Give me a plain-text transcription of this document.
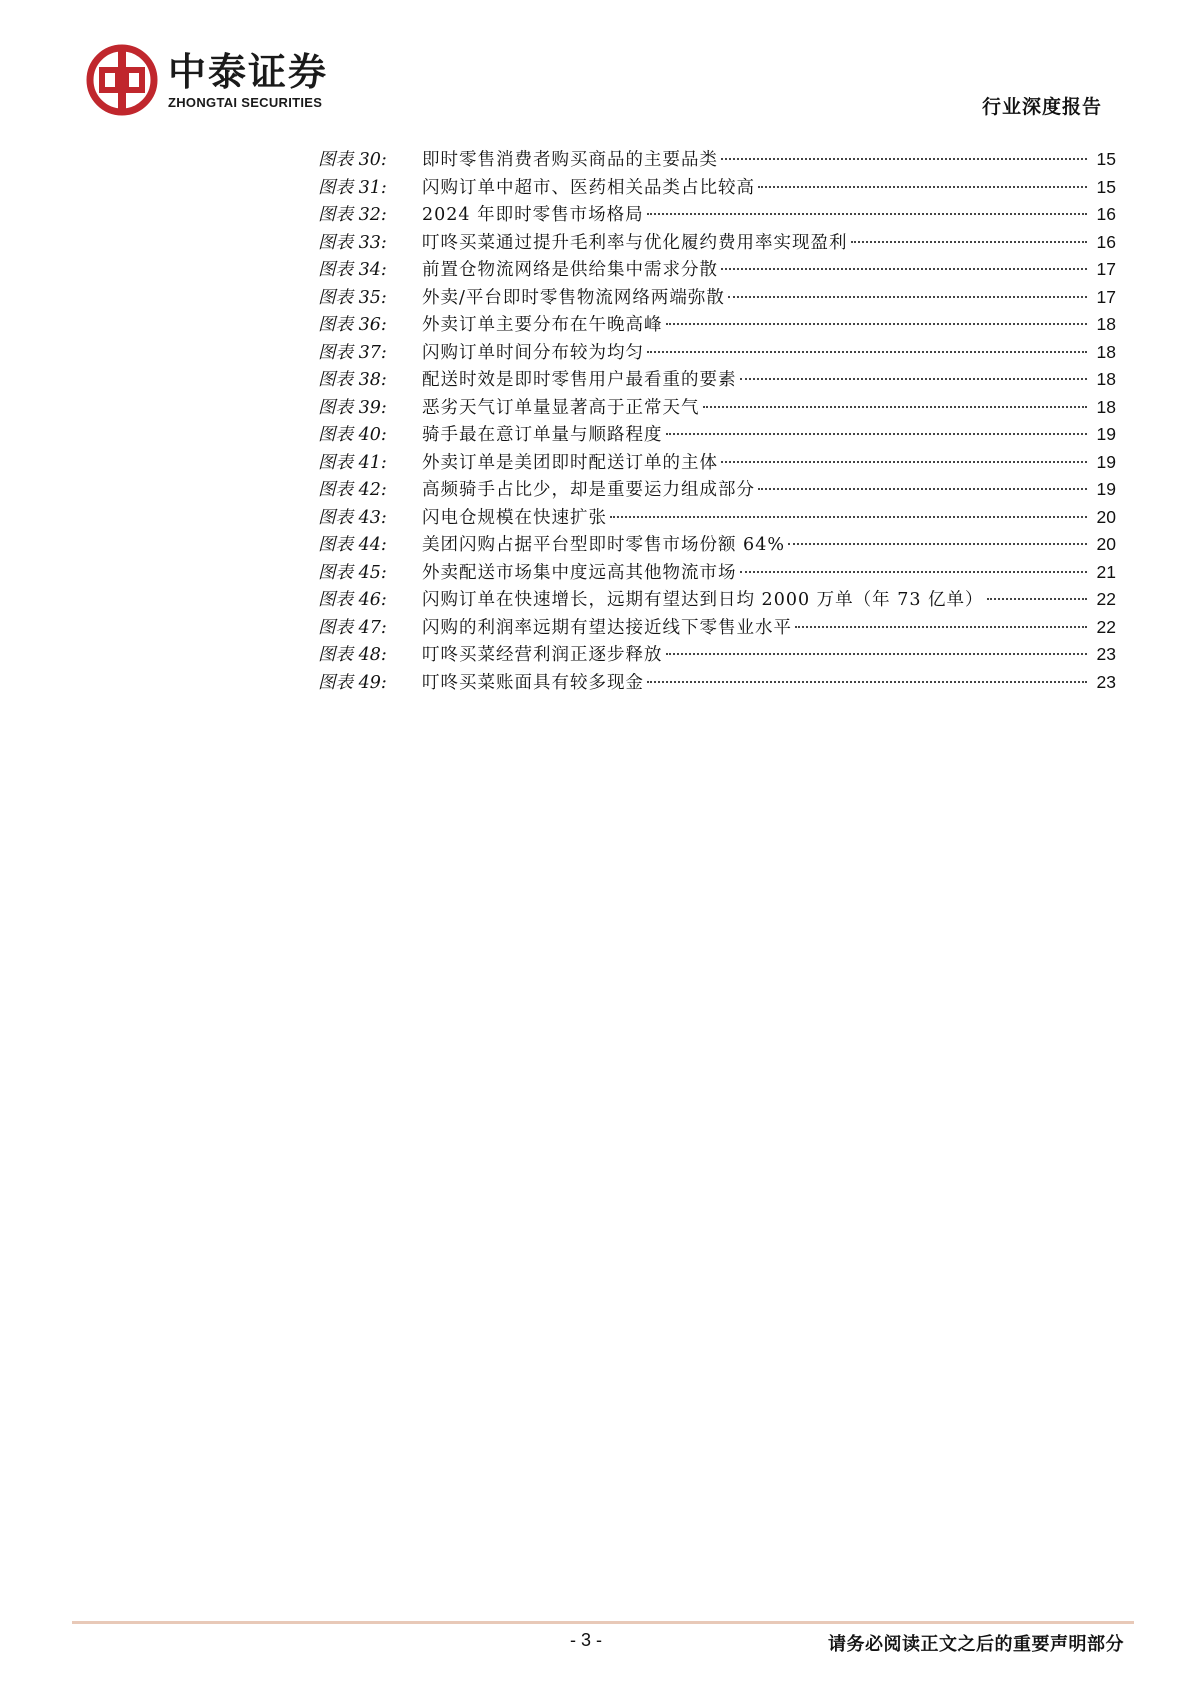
中泰证券
ZHONGTAI SECURITIES	行业深度报告
图表 30:	即时零售消费者购买商品的主要品类	15
图表 31:	闪购订单中超市、医药相关品类占比较高	15
图表 32:	2024 年即时零售市场格局	16
图表 33:	叮咚买菜通过提升毛利率与优化履约费用率实现盈利	16
图表 34:	前置仓物流网络是供给集中需求分散	17
图表 35:	外卖/平台即时零售物流网络两端弥散	17
图表 36:	外卖订单主要分布在午晚高峰	18
图表 37:	闪购订单时间分布较为均匀	18
图表 38:	配送时效是即时零售用户最看重的要素	18
图表 39:	恶劣天气订单量显著高于正常天气	18
图表 40:	骑手最在意订单量与顺路程度	19
图表 41:	外卖订单是美团即时配送订单的主体	19
图表 42:	高频骑手占比少，却是重要运力组成部分	19
图表 43:	闪电仓规模在快速扩张	20
图表 44:	美团闪购占据平台型即时零售市场份额 64%	20
图表 45:	外卖配送市场集中度远高其他物流市场	21
图表 46:	闪购订单在快速增长，远期有望达到日均 2000 万单（年 73 亿单）	22
图表 47:	闪购的利润率远期有望达接近线下零售业水平	22
图表 48:	叮咚买菜经营利润正逐步释放	23
图表 49:	叮咚买菜账面具有较多现金	23
- 3 -	请务必阅读正文之后的重要声明部分
